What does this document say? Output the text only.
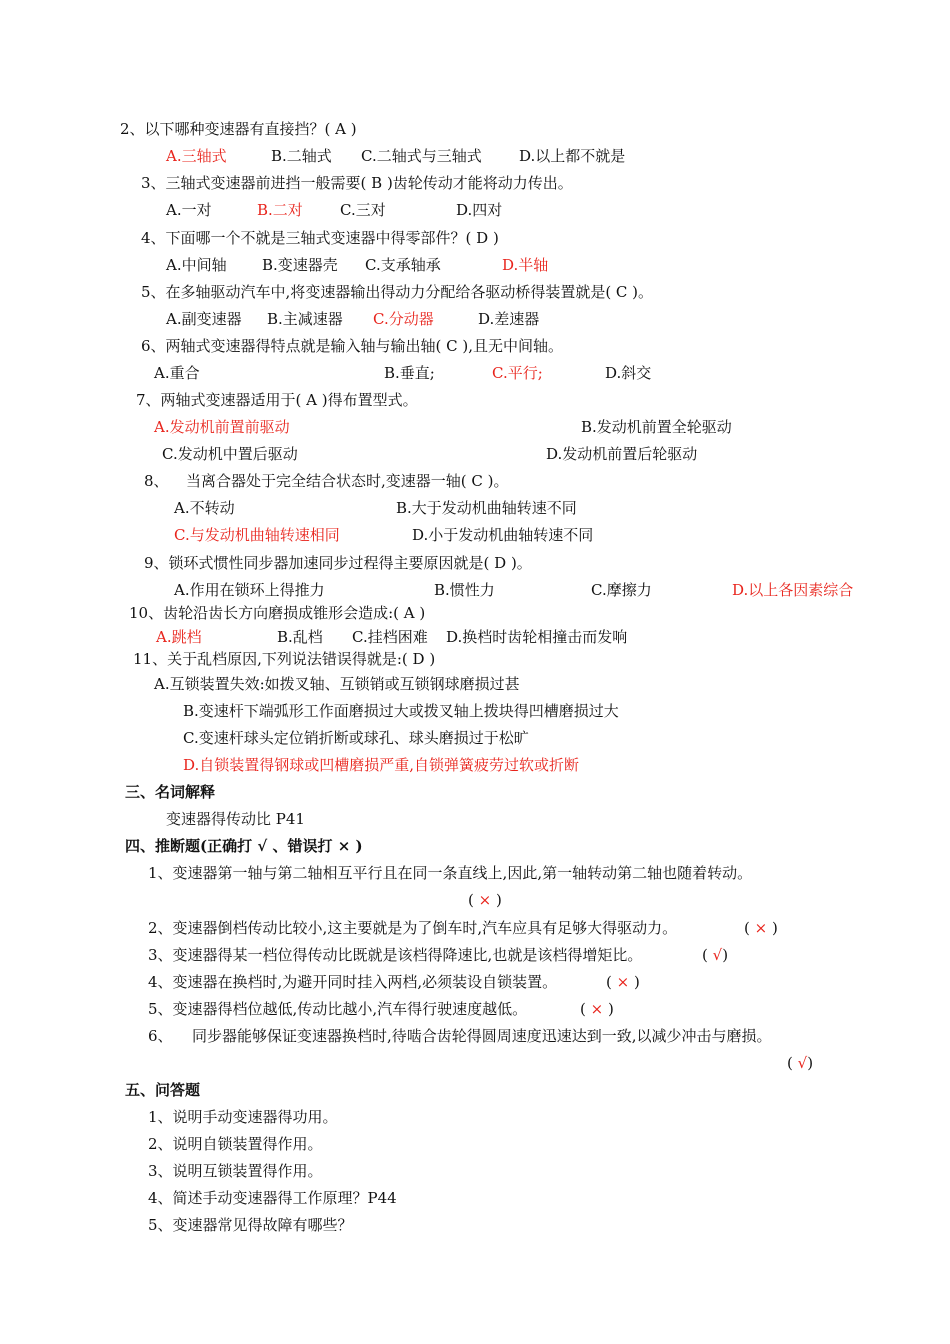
2、以下哪种变速器有直接挡？( A )
A.三轴式	B.二轴式 C.二轴式与三轴式 D.以上都不就是
3、三轴式变速器前进挡一般需要( B )齿轮传动才能将动力传出。
A.一对	B.二对 C.三对	D.四对
4、下面哪一个不就是三轴式变速器中得零部件？( D )
A.中间轴 B.变速器壳 C.支承轴承	D.半轴
5、在多轴驱动汽车中,将变速器输出得动力分配给各驱动桥得装置就是( C )。
A.副变速器 B.主减速器 C.分动器	D.差速器
6、两轴式变速器得特点就是输入轴与输出轴( C ),且无中间轴。
A.重合	B.垂直;	C.平行;	D.斜交
7、两轴式变速器适用于( A )得布置型式。
A.发动机前置前驱动	B.发动机前置全轮驱动
C.发动机中置后驱动	D.发动机前置后轮驱动
8、 当离合器处于完全结合状态时,变速器一轴( C )。
A.不转动	B.大于发动机曲轴转速不同
C.与发动机曲轴转速相同	D.小于发动机曲轴转速不同
9、锁环式惯性同步器加速同步过程得主要原因就是( D )。
A.作用在锁环上得推力	B.惯性力	C.摩擦力	D.以上各因素综合
10、齿轮沿齿长方向磨损成锥形会造成:( A )
A.跳档	B.乱档 C.挂档困难 D.换档时齿轮相撞击而发响
11、关于乱档原因,下列说法错误得就是:( D )
A.互锁装置失效:如拨叉轴、互锁销或互锁钢球磨损过甚
B.变速杆下端弧形工作面磨损过大或拨叉轴上拨块得凹槽磨损过大
C.变速杆球头定位销折断或球孔、球头磨损过于松旷
D.自锁装置得钢球或凹槽磨损严重,自锁弹簧疲劳过软或折断
三、名词解释
变速器得传动比 P41
四、推断题(正确打 √ 、错误打 × )
1、变速器第一轴与第二轴相互平行且在同一条直线上,因此,第一轴转动第二轴也随着转动。
( × )
2、变速器倒档传动比较小,这主要就是为了倒车时,汽车应具有足够大得驱动力。	( × )
3、变速器得某一档位得传动比既就是该档得降速比,也就是该档得增矩比。	( √)
4、变速器在换档时,为避开同时挂入两档,必须装设自锁装置。	( × )
5、变速器得档位越低,传动比越小,汽车得行驶速度越低。	( × )
6、 同步器能够保证变速器换档时,待啮合齿轮得圆周速度迅速达到一致,以减少冲击与磨损。
( √)
五、问答题
1、说明手动变速器得功用。
2、说明自锁装置得作用。
3、说明互锁装置得作用。
4、简述手动变速器得工作原理？P44
5、变速器常见得故障有哪些？
